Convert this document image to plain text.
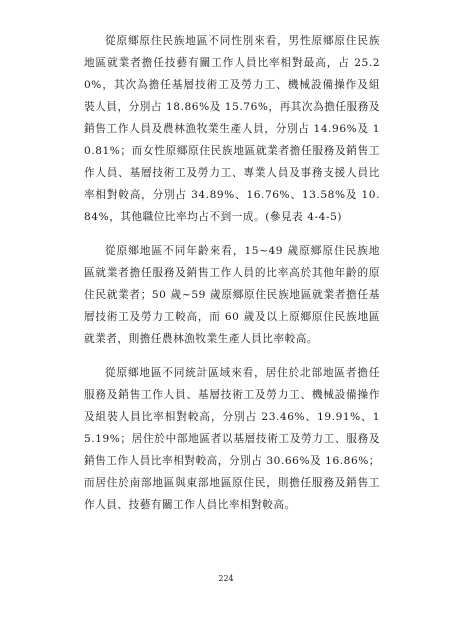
從原鄉原住民族地區不同性別來看，男性原鄉原住民族地區就業者擔任技藝有關工作人員比率相對最高，占 25.20%，其次為擔任基層技術工及勞力工、機械設備操作及組裝人員，分別占 18.86%及 15.76%，再其次為擔任服務及銷售工作人員及農林漁牧業生產人員，分別占 14.96%及 10.81%；而女性原鄉原住民族地區就業者擔任服務及銷售工作人員、基層技術工及勞力工、專業人員及事務支援人員比率相對較高，分別占 34.89%、16.76%、13.58%及 10.84%，其他職位比率均占不到一成。(參見表 4-4-5)

從原鄉地區不同年齡來看，15~49 歲原鄉原住民族地區就業者擔任服務及銷售工作人員的比率高於其他年齡的原住民就業者；50 歲~59 歲原鄉原住民族地區就業者擔任基層技術工及勞力工較高，而 60 歲及以上原鄉原住民族地區就業者，則擔任農林漁牧業生產人員比率較高。

從原鄉地區不同統計區域來看，居住於北部地區者擔任服務及銷售工作人員、基層技術工及勞力工、機械設備操作及組裝人員比率相對較高，分別占 23.46%、19.91%、15.19%；居住於中部地區者以基層技術工及勞力工、服務及銷售工作人員比率相對較高，分別占 30.66%及 16.86%；而居住於南部地區與東部地區原住民，則擔任服務及銷售工作人員、技藝有關工作人員比率相對較高。

224
